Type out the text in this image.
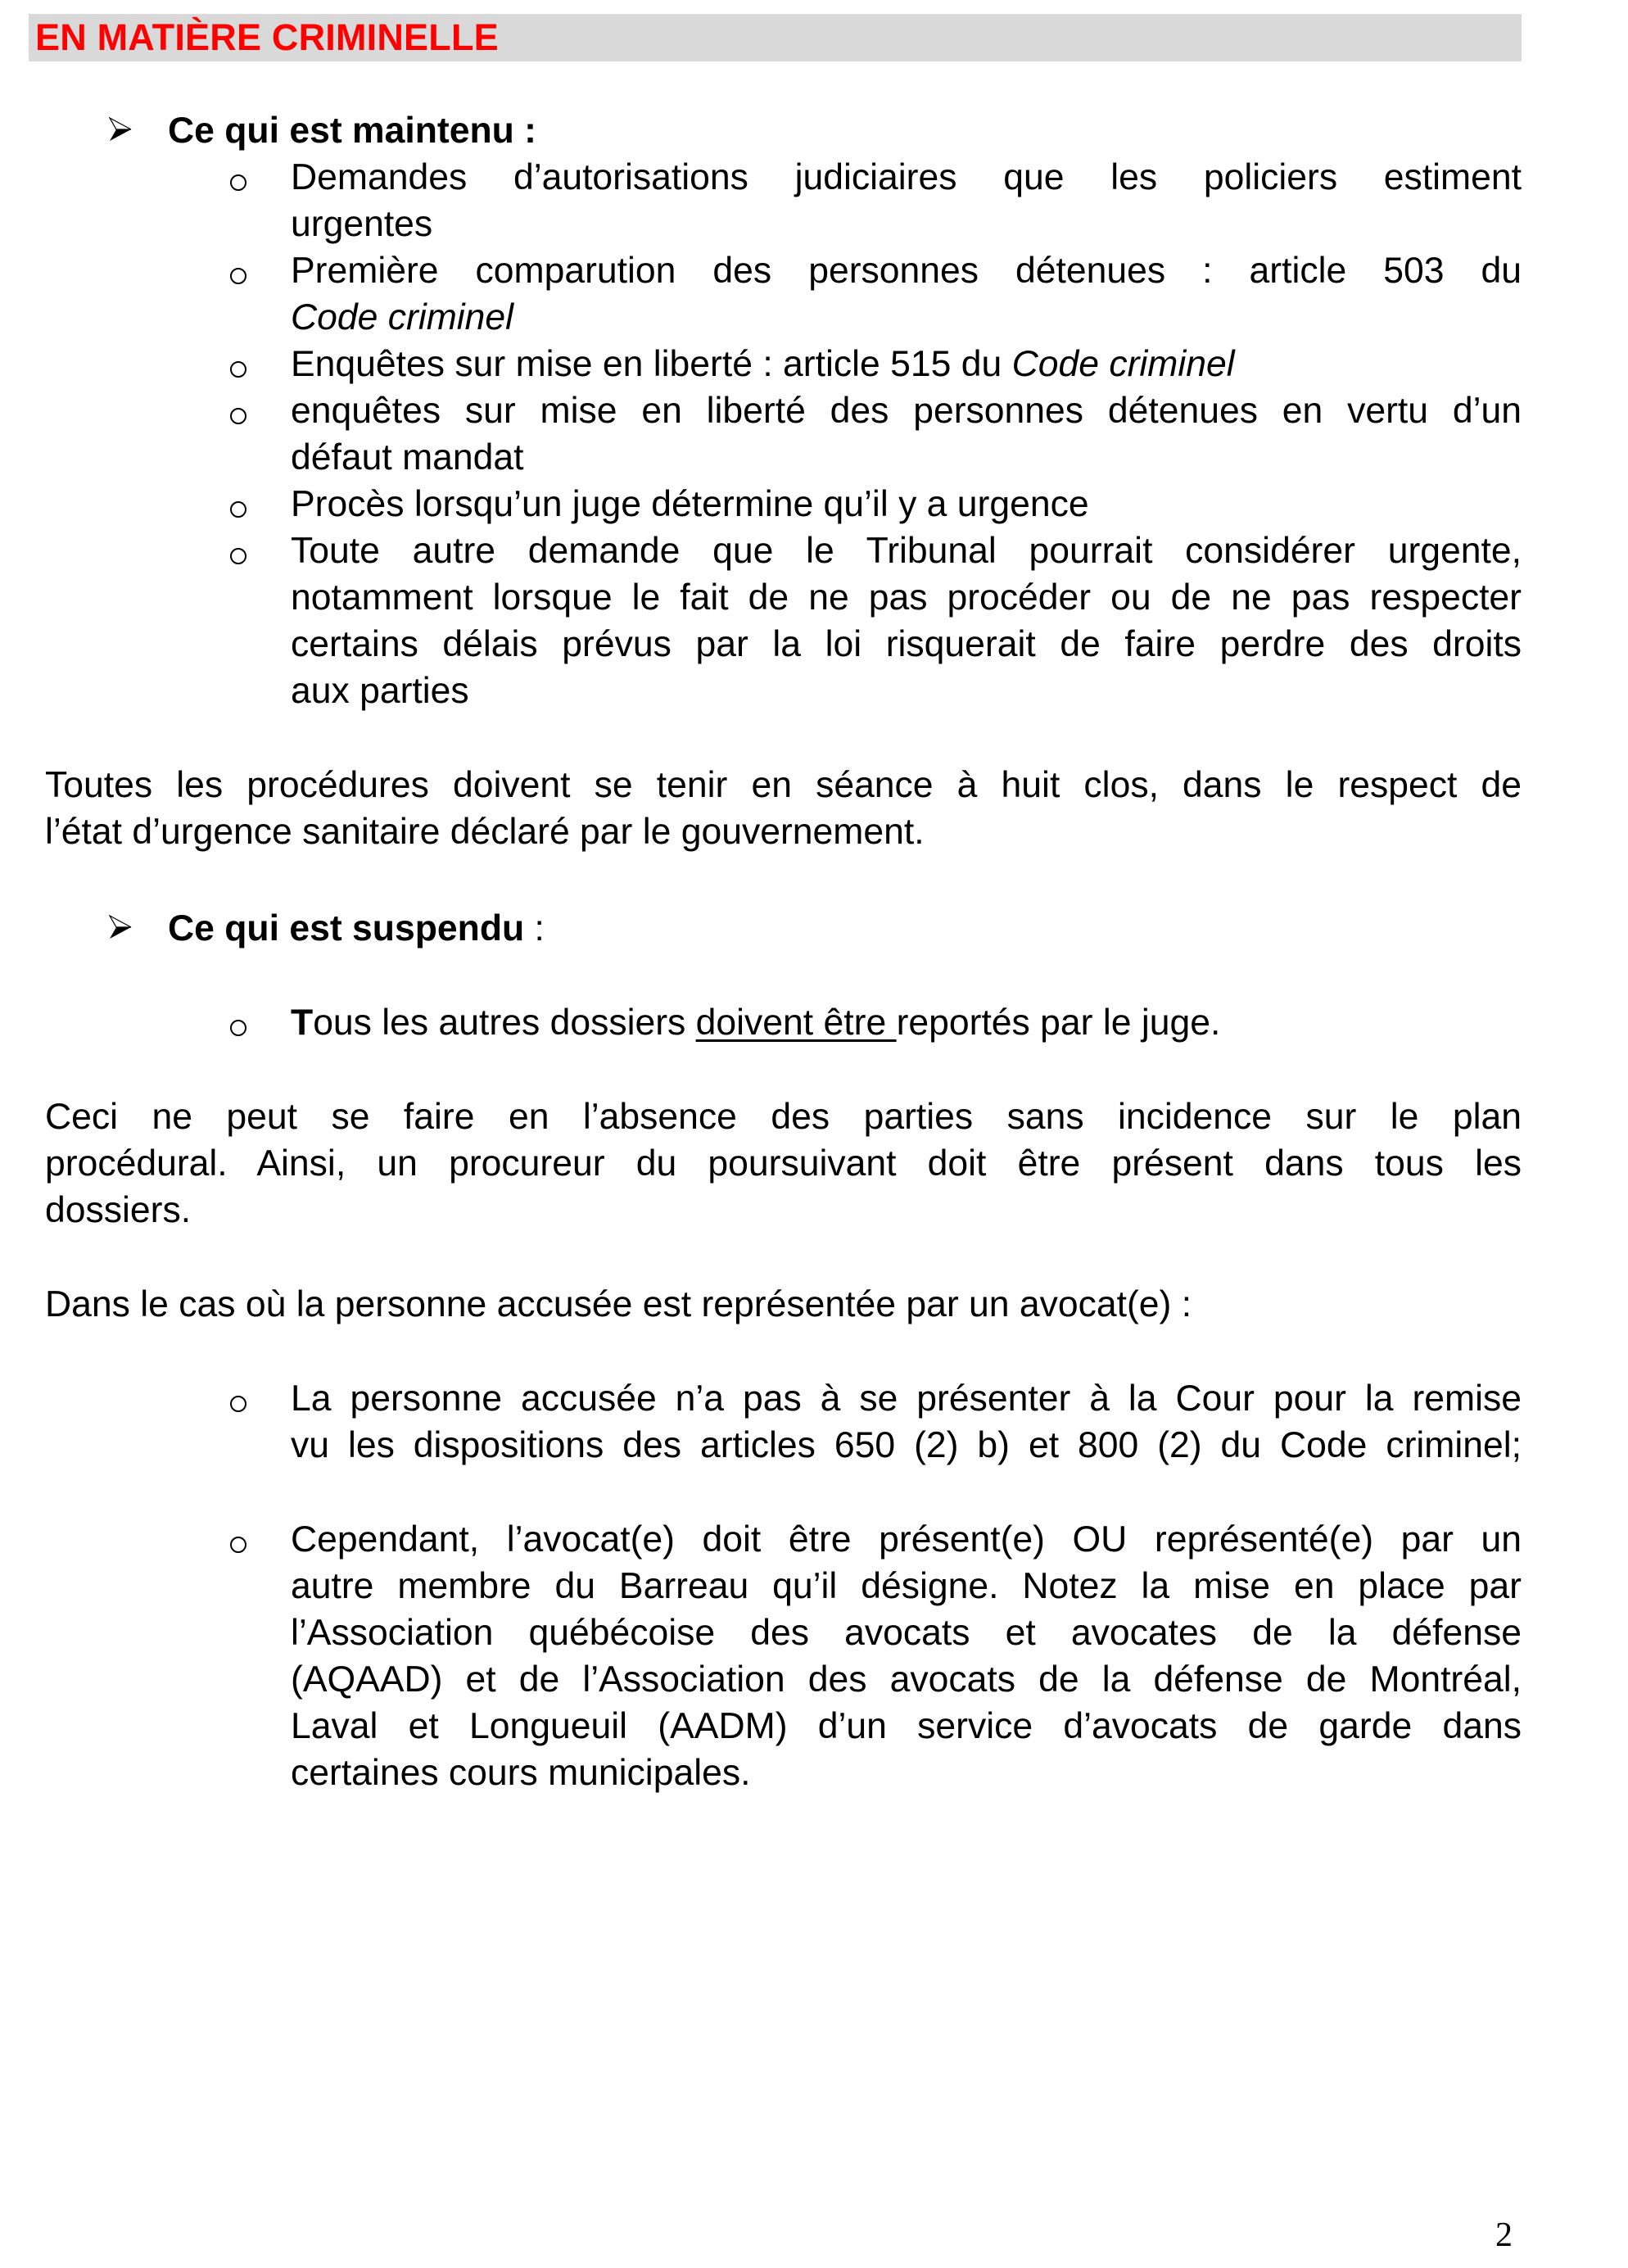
EN MATIÈRE CRIMINELLE
Ce qui est maintenu :
Demandes d’autorisations judiciaires que les policiers estiment
urgentes
Première comparution des personnes détenues : article 503 du
Code criminel
Enquêtes sur mise en liberté : article 515 du Code criminel
enquêtes sur mise en liberté des personnes détenues en vertu d’un
défaut mandat
Procès lorsqu’un juge détermine qu’il y a urgence
Toute autre demande que le Tribunal pourrait considérer urgente,
notamment lorsque le fait de ne pas procéder ou de ne pas respecter
certains délais prévus par la loi risquerait de faire perdre des droits
aux parties
Toutes les procédures doivent se tenir en séance à huit clos, dans le respect de
l’état d’urgence sanitaire déclaré par le gouvernement.
Ce qui est suspendu :
Tous les autres dossiers doivent être reportés par le juge.
Ceci ne peut se faire en l’absence des parties sans incidence sur le plan
procédural. Ainsi, un procureur du poursuivant doit être présent dans tous les
dossiers.
Dans le cas où la personne accusée est représentée par un avocat(e) :
La personne accusée n’a pas à se présenter à la Cour pour la remise
vu les dispositions des articles 650 (2) b) et 800 (2) du Code criminel;
Cependant, l’avocat(e) doit être présent(e) OU représenté(e) par un
autre membre du Barreau qu’il désigne. Notez la mise en place par
l’Association québécoise des avocats et avocates de la défense
(AQAAD) et de l’Association des avocats de la défense de Montréal,
Laval et Longueuil (AADM) d’un service d’avocats de garde dans
certaines cours municipales.
2
